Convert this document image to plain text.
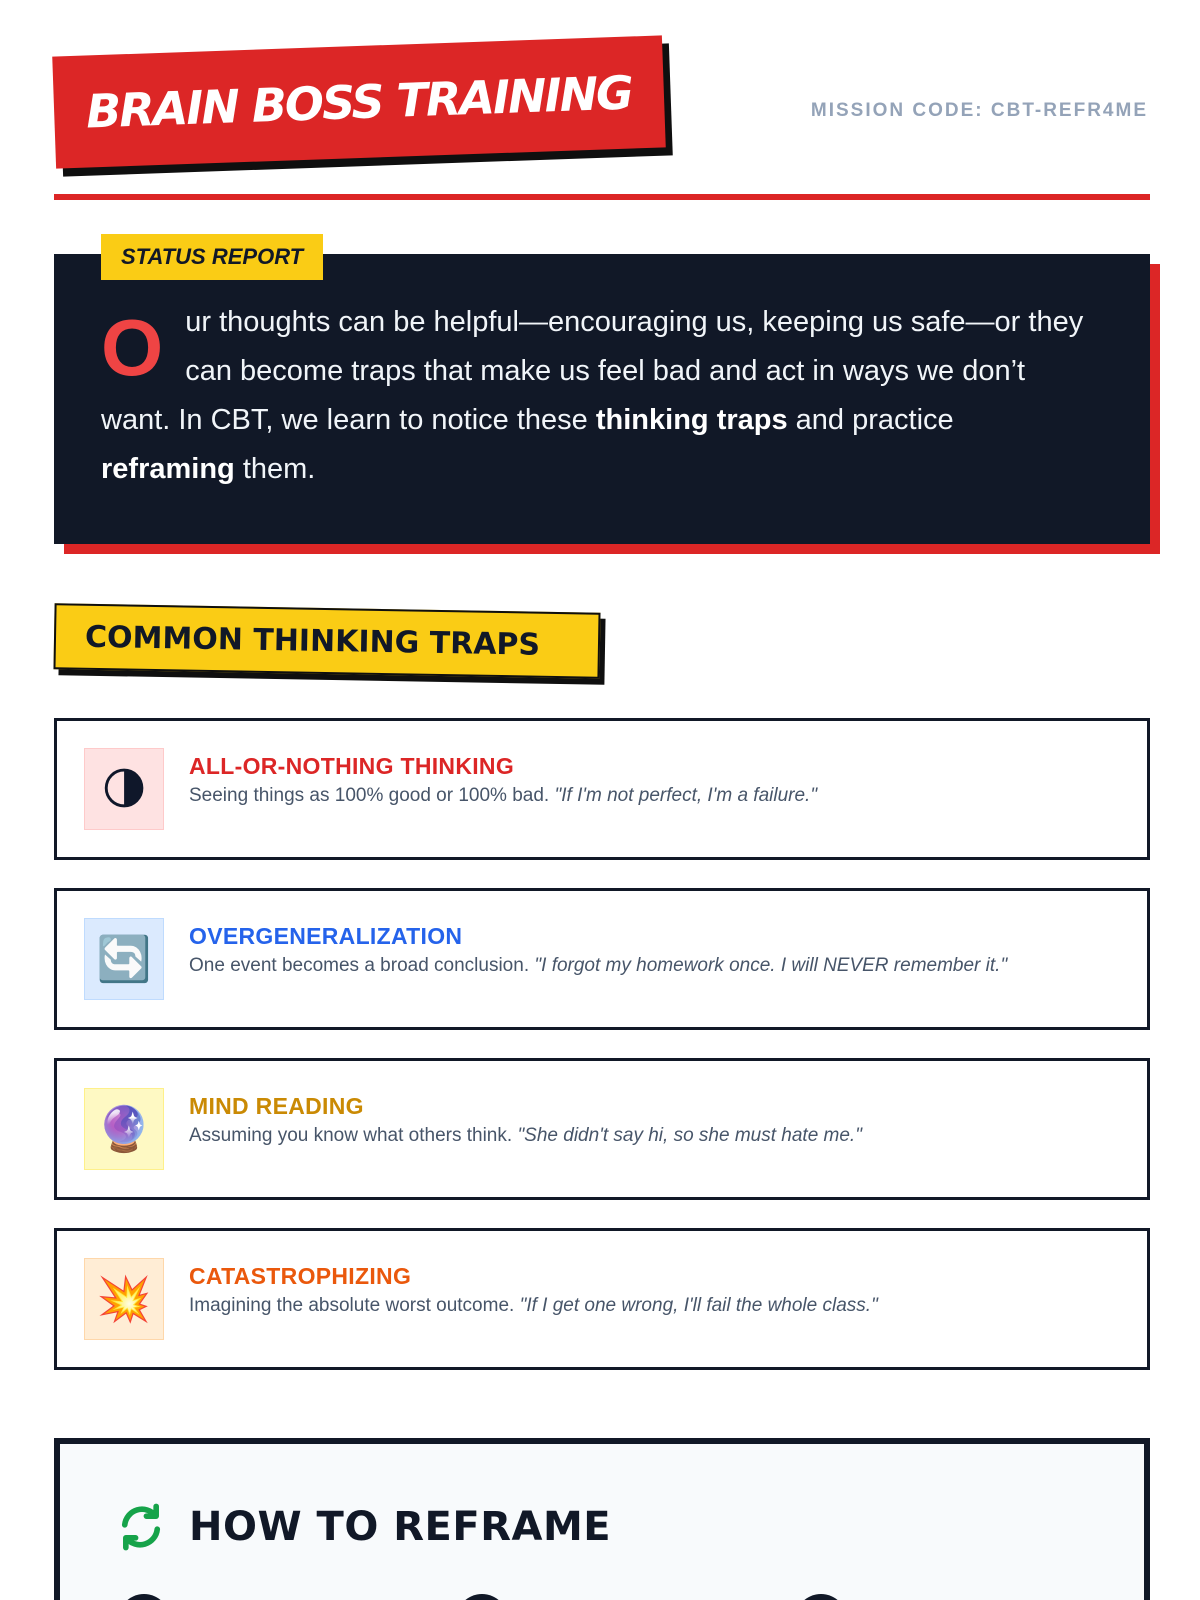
BRAIN BOSS TRAINING	MISSION CODE: CBT-REFR4ME

Our thoughts can be helpful—encouraging us, keeping us safe—or they can become traps that make us feel bad and act in ways we don’t want. In CBT, we learn to notice these thinking traps and practice reframing them.

STATUS REPORT
COMMON THINKING TRAPS
🌗	ALL-OR-NOTHING THINKING
Seeing things as 100% good or 100% bad. "If I'm not perfect, I'm a failure."
🔄	OVERGENERALIZATION
One event becomes a broad conclusion. "I forgot my homework once. I will NEVER remember it."
🔮	MIND READING
Assuming you know what others think. "She didn't say hi, so she must hate me."
💥	CATASTROPHIZING
Imagining the absolute worst outcome. "If I get one wrong, I'll fail the whole class."
HOW TO REFRAME
